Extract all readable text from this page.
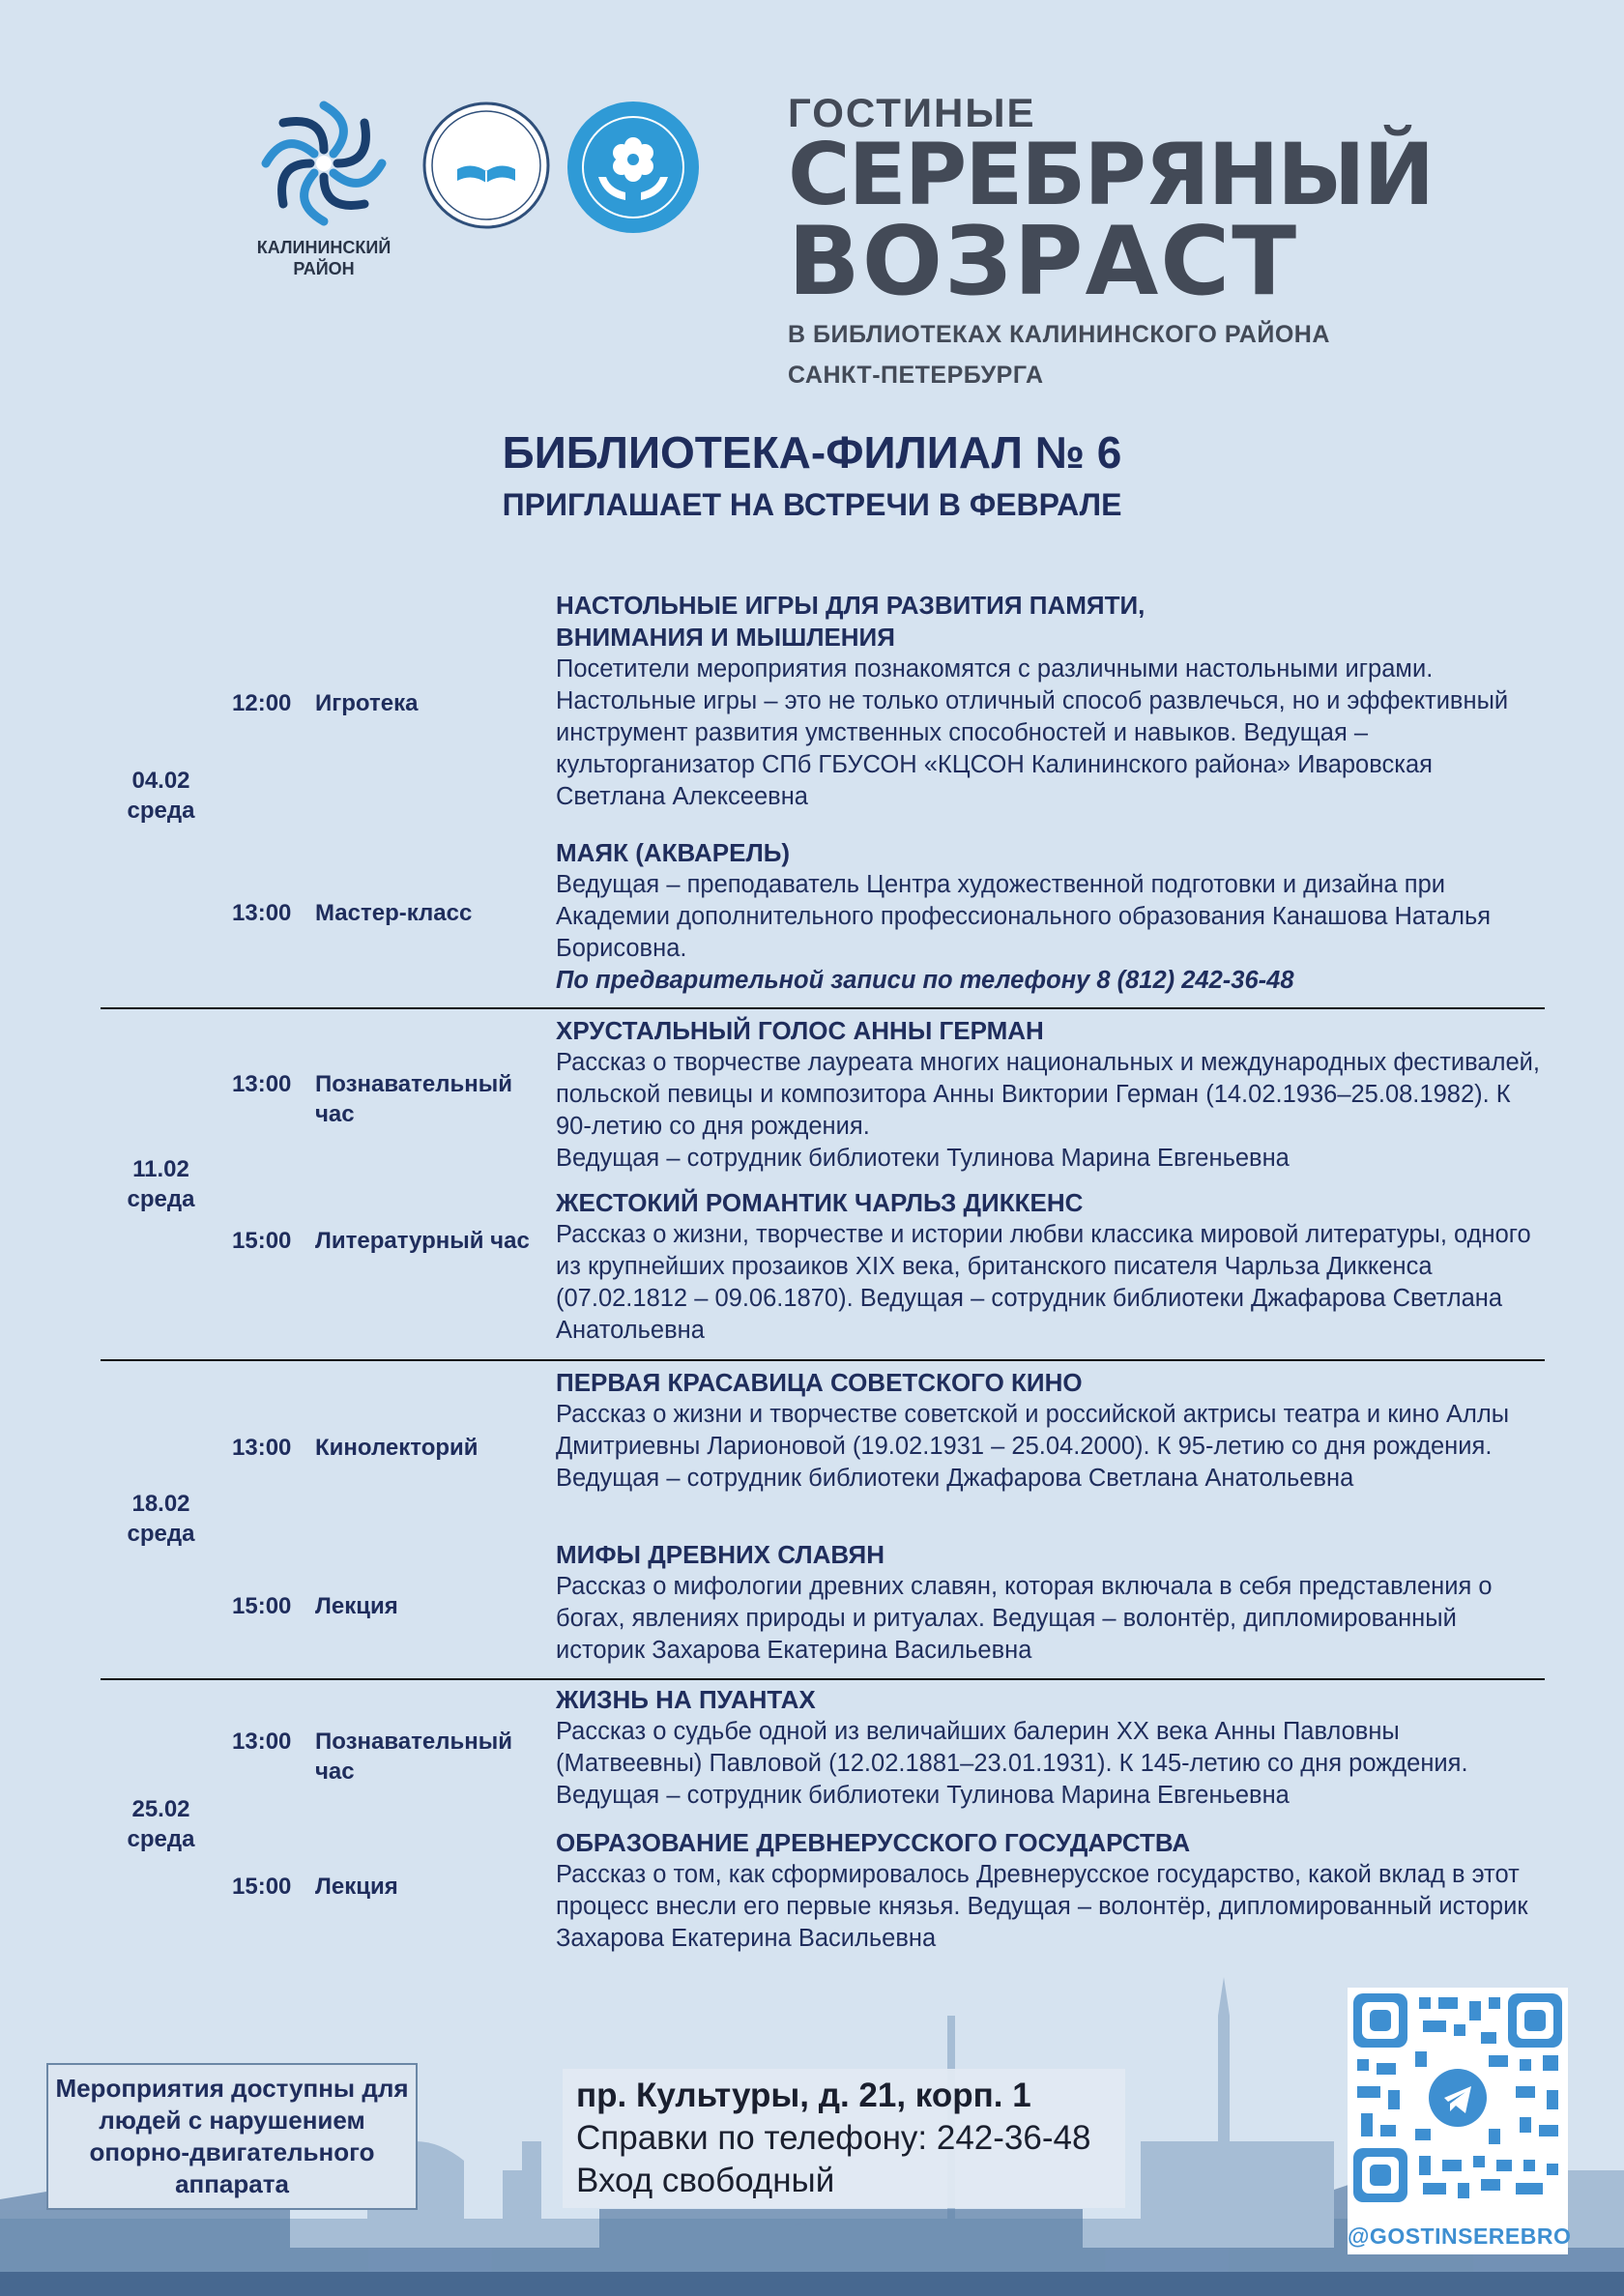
КАЛИНИНСКИЙ
РАЙОН
ГОСТИНЫЕ
СЕРЕБРЯНЫЙ
ВОЗРАСТ
В БИБЛИОТЕКАХ КАЛИНИНСКОГО РАЙОНА
САНКТ-ПЕТЕРБУРГА
БИБЛИОТЕКА-ФИЛИАЛ № 6
ПРИГЛАШАЕТ НА ВСТРЕЧИ В ФЕВРАЛЕ
04.02
среда
12:00	Игротека
НАСТОЛЬНЫЕ ИГРЫ ДЛЯ РАЗВИТИЯ ПАМЯТИ,
ВНИМАНИЯ И МЫШЛЕНИЯ
Посетители мероприятия познакомятся с различными настольными играми. Настольные игры – это не только отличный способ развлечься, но и эффективный инструмент развития умственных способностей и навыков. Ведущая – культорганизатор СПб ГБУСОН «КЦСОН Калининского района» Иваровская Светлана Алексеевна
13:00	Мастер-класс
МАЯК (АКВАРЕЛЬ)
Ведущая – преподаватель Центра художественной подготовки и дизайна при Академии дополнительного профессионального образования Канашова Наталья Борисовна.
По предварительной записи по телефону 8 (812) 242-36-48
11.02
среда
13:00	Познавательный час
ХРУСТАЛЬНЫЙ ГОЛОС АННЫ ГЕРМАН
Рассказ о творчестве лауреата многих национальных и международных фестивалей, польской певицы и композитора Анны Виктории Герман (14.02.1936–25.08.1982). К 90-летию со дня рождения.
Ведущая – сотрудник библиотеки Тулинова Марина Евгеньевна
15:00	Литературный час
ЖЕСТОКИЙ РОМАНТИК ЧАРЛЬЗ ДИККЕНС
Рассказ о жизни, творчестве и истории любви классика мировой литературы, одного из крупнейших прозаиков XIX века, британского писателя Чарльза Диккенса (07.02.1812 – 09.06.1870). Ведущая – сотрудник библиотеки Джафарова Светлана Анатольевна
18.02
среда
13:00	Кинолекторий
ПЕРВАЯ КРАСАВИЦА СОВЕТСКОГО КИНО
Рассказ о жизни и творчестве советской и российской актрисы театра и кино Аллы Дмитриевны Ларионовой (19.02.1931 – 25.04.2000). К 95-летию со дня рождения. Ведущая – сотрудник библиотеки Джафарова Светлана Анатольевна
15:00	Лекция
МИФЫ ДРЕВНИХ СЛАВЯН
Рассказ о мифологии древних славян, которая включала в себя представления о богах, явлениях природы и ритуалах. Ведущая – волонтёр, дипломированный историк Захарова Екатерина Васильевна
25.02
среда
13:00	Познавательный час
ЖИЗНЬ НА ПУАНТАХ
Рассказ о судьбе одной из величайших балерин XX века Анны Павловны (Матвеевны) Павловой (12.02.1881–23.01.1931). К 145-летию со дня рождения. Ведущая – сотрудник библиотеки Тулинова Марина Евгеньевна
15:00	Лекция
ОБРАЗОВАНИЕ ДРЕВНЕРУССКОГО ГОСУДАРСТВА
Рассказ о том, как сформировалось Древнерусское государство, какой вклад в этот процесс внесли его первые князья. Ведущая – волонтёр, дипломированный историк Захарова Екатерина Васильевна
Мероприятия доступны для людей с нарушением опорно-двигательного аппарата
пр. Культуры, д. 21, корп. 1
Справки по телефону: 242-36-48
Вход свободный
@GOSTINSEREBRO
